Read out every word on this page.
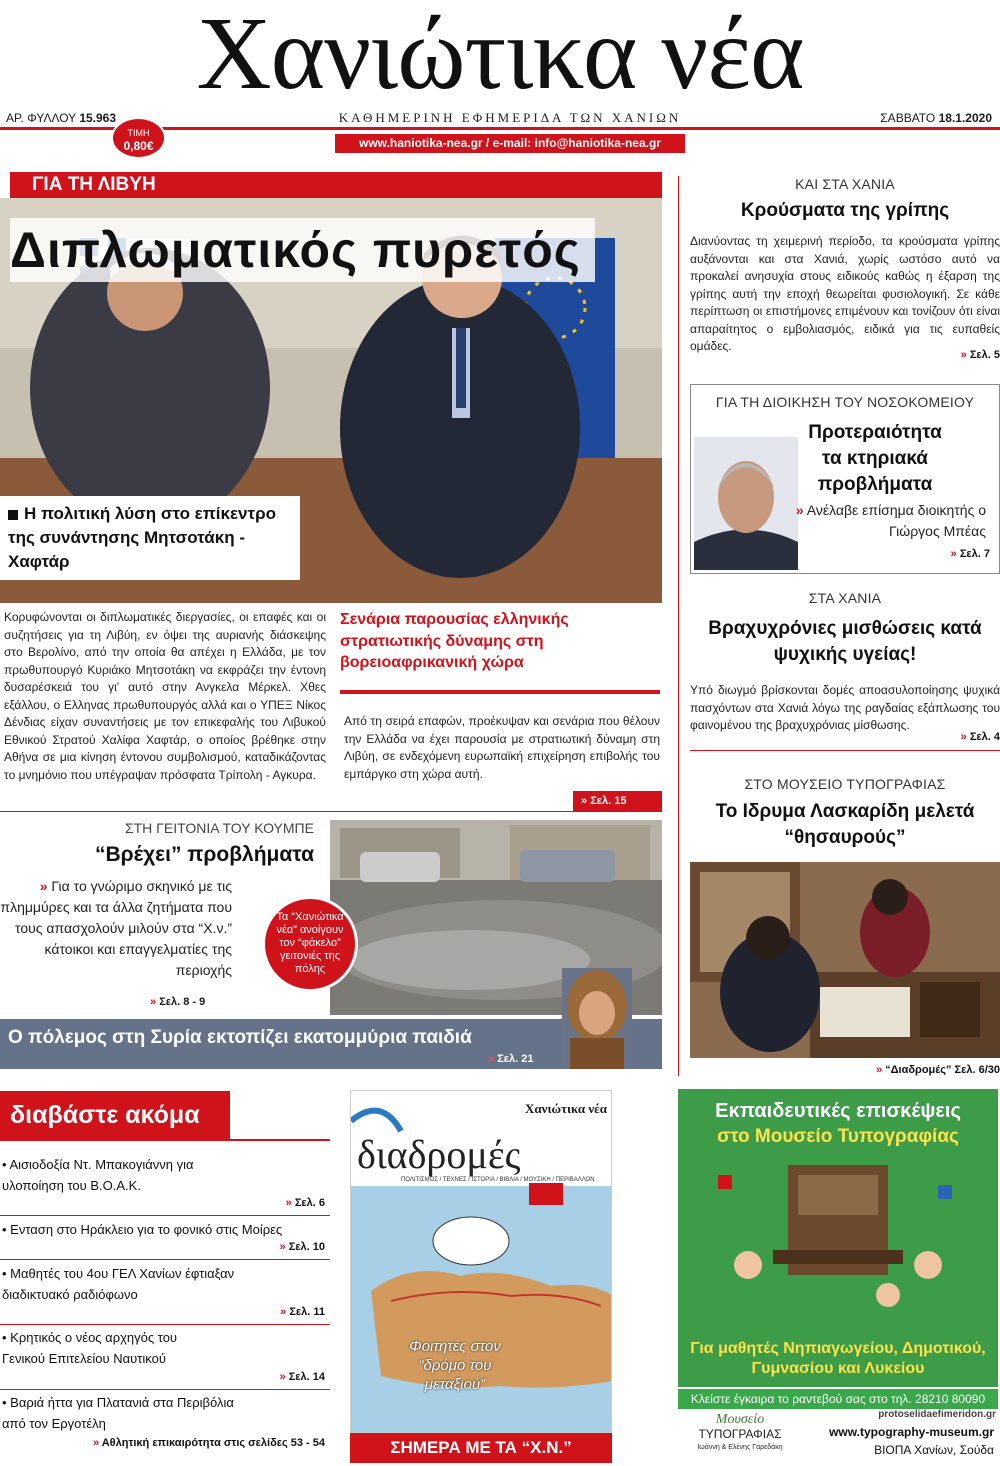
Χανιώτικα νέα
ΑΡ. ΦΥΛΛΟΥ 15.963	ΚΑΘΗΜΕΡΙΝΗ ΕΦΗΜΕΡΙΔΑ ΤΩΝ ΧΑΝΙΩΝ	ΣΑΒΒΑΤΟ 18.1.2020
www.haniotika-nea.gr / e-mail: info@haniotika-nea.gr
ΤΙΜΗ
0,80€
ΓΙΑ ΤΗ ΛΙΒΥΗ
Διπλωματικός πυρετός
Η πολιτική λύση στο επίκεντρο της συνάντησης Μητσοτάκη - Χαφτάρ
Κορυφώνονται οι διπλωματικές διεργασίες, οι επαφές και οι συζητήσεις για τη Λιβύη, εν όψει της αυριανής διάσκεψης στο Βερολίνο, από την οποία θα απέχει η Ελλάδα, με τον πρωθυπουργό Κυριάκο Μητσοτάκη να εκφράζει την έντονη δυσαρέσκειά του γι' αυτό στην Ανγκελα Μέρκελ. Χθες εξάλλου, ο Ελληνας πρωθυπουργός αλλά και ο ΥΠΕΞ Νίκος Δένδιας είχαν συναντήσεις με τον επικεφαλής του Λιβυκού Εθνικού Στρατού Χαλίφα Χαφτάρ, ο οποίος βρέθηκε στην Αθήνα σε μια κίνηση έντονου συμβολισμού, καταδικάζοντας το μνημόνιο που υπέγραψαν πρόσφατα Τρίπολη - Αγκυρα.
Σενάρια παρουσίας ελληνικής στρατιωτικής δύναμης στη βορειοαφρικανική χώρα
Από τη σειρά επαφών, προέκυψαν και σενάρια που θέλουν την Ελλάδα να έχει παρουσία με στρατιωτική δύναμη στη Λιβύη, σε ενδεχόμενη ευρωπαϊκή επιχείρηση επιβολής του εμπάργκο στη χώρα αυτή.
» Σελ. 15
ΣΤΗ ΓΕΙΤΟΝΙΑ ΤΟΥ ΚΟΥΜΠΕ
“Βρέχει” προβλήματα
» Για το γνώριμο σκηνικό με τις πλημμύρες και τα άλλα ζητήματα που τους απασχολούν μιλούν στα “Χ.ν.” κάτοικοι και επαγγελματίες της περιοχής
Τα “Χανιώτικα νέα” ανοίγουν τον “φάκελο” γειτονιές της πόλης
» Σελ. 8 - 9
Ο πόλεμος στη Συρία εκτοπίζει εκατομμύρια παιδιά
» Σελ. 21
ΚΑΙ ΣΤΑ ΧΑΝΙΑ
Κρούσματα της γρίπης
Διανύοντας τη χειμερινή περίοδο, τα κρούσματα γρίπης αυξάνονται και στα Χανιά, χωρίς ωστόσο αυτό να προκαλεί ανησυχία στους ειδικούς καθώς η έξαρση της γρίπης αυτή την εποχή θεωρείται φυσιολογική. Σε κάθε περίπτωση οι επιστήμονες επιμένουν και τονίζουν ότι είναι απαραίτητος ο εμβολιασμός, ειδικά για τις ευπαθείς ομάδες.
» Σελ. 5
ΓΙΑ ΤΗ ΔΙΟΙΚΗΣΗ ΤΟΥ ΝΟΣΟΚΟΜΕΙΟΥ
Προτεραιότητα τα κτηριακά προβλήματα
» Ανέλαβε επίσημα διοικητής ο Γιώργος Μπέας
» Σελ. 7
ΣΤΑ ΧΑΝΙΑ
Βραχυχρόνιες μισθώσεις κατά ψυχικής υγείας!
Υπό διωγμό βρίσκονται δομές αποασυλοποίησης ψυχικά πασχόντων στα Χανιά λόγω της ραγδαίας εξάπλωσης του φαινομένου της βραχυχρόνιας μίσθωσης.
» Σελ. 4
ΣΤΟ ΜΟΥΣΕΙΟ ΤΥΠΟΓΡΑΦΙΑΣ
Το Ιδρυμα Λασκαρίδη μελετά “θησαυρούς”
» “Διαδρομές” Σελ. 6/30
διαβάστε ακόμα
• Αισιοδοξία Ντ. Μπακογιάννη για υλοποίηση του Β.Ο.Α.Κ.
» Σελ. 6
• Ενταση στο Ηράκλειο για το φονικό στις Μοίρες
» Σελ. 10
• Μαθητές του 4ου ΓΕΛ Χανίων έφτιαξαν διαδικτυακό ραδιόφωνο
» Σελ. 11
• Κρητικός ο νέος αρχηγός του Γενικού Επιτελείου Ναυτικού
» Σελ. 14
• Βαριά ήττα για Πλατανιά στα Περιβόλια από τον Εργοτέλη
» Αθλητική επικαιρότητα στις σελίδες 53 - 54
Χανιώτικα νέα
διαδρομές
ΠΟΛΙΤΙΣΜΟΣ / ΤΕΧΝΕΣ / ΙΣΤΟΡΙΑ / ΒΙΒΛΙΑ / ΜΟΥΣΙΚΗ / ΠΕΡΙΒΑΛΛΟΝ
Φοιτητές στον “δρόμο του μεταξιού”
ΣΗΜΕΡΑ ΜΕ ΤΑ “Χ.Ν.”
Εκπαιδευτικές επισκέψεις
στο Μουσείο Τυπογραφίας
Για μαθητές Νηπιαγωγείου, Δημοτικού, Γυμνασίου και Λυκείου
Κλείστε έγκαιρα το ραντεβού σας στο τηλ. 28210 80090
Μουσείο
ΤΥΠΟΓΡΑΦΙΑΣ
Ιωάννη & Ελένης Γαρεδάκη
protoselidaefimeridon.gr
www.typography-museum.gr
ΒΙΟΠΑ Χανίων, Σούδα
